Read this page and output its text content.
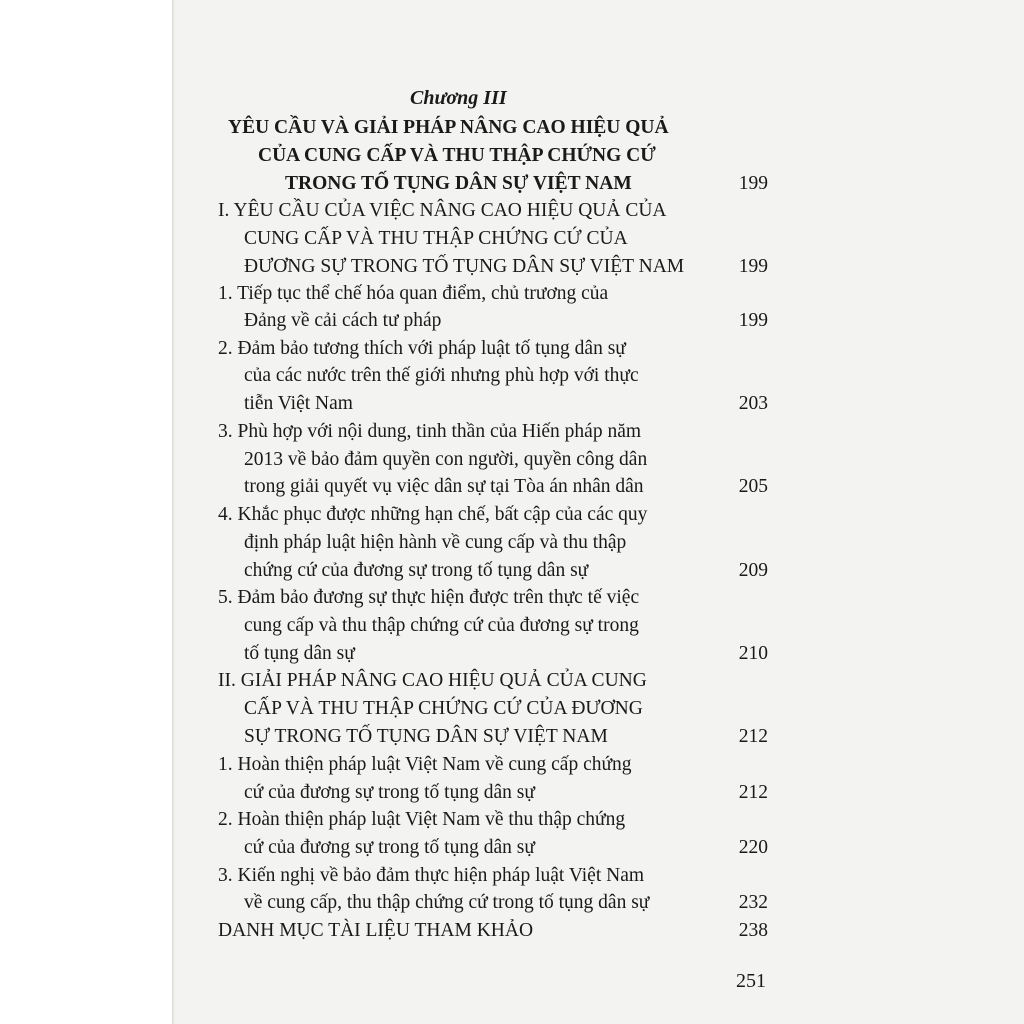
Chương III
YÊU CẦU VÀ GIẢI PHÁP NÂNG CAO HIỆU QUẢ
CỦA CUNG CẤP VÀ THU THẬP CHỨNG CỨ
TRONG TỐ TỤNG DÂN SỰ VIỆT NAM	199
I. YÊU CẦU CỦA VIỆC NÂNG CAO HIỆU QUẢ CỦA
CUNG CẤP VÀ THU THẬP CHỨNG CỨ CỦA
ĐƯƠNG SỰ TRONG TỐ TỤNG DÂN SỰ VIỆT NAM	199
1. Tiếp tục thể chế hóa quan điểm, chủ trương của
Đảng về cải cách tư pháp	199
2. Đảm bảo tương thích với pháp luật tố tụng dân sự
của các nước trên thế giới nhưng phù hợp với thực
tiễn Việt Nam	203
3. Phù hợp với nội dung, tinh thần của Hiến pháp năm
2013 về bảo đảm quyền con người, quyền công dân
trong giải quyết vụ việc dân sự tại Tòa án nhân dân	205
4. Khắc phục được những hạn chế, bất cập của các quy
định pháp luật hiện hành về cung cấp và thu thập
chứng cứ của đương sự trong tố tụng dân sự	209
5. Đảm bảo đương sự thực hiện được trên thực tế việc
cung cấp và thu thập chứng cứ của đương sự trong
tố tụng dân sự	210
II. GIẢI PHÁP NÂNG CAO HIỆU QUẢ CỦA CUNG
CẤP VÀ THU THẬP CHỨNG CỨ CỦA ĐƯƠNG
SỰ TRONG TỐ TỤNG DÂN SỰ VIỆT NAM	212
1. Hoàn thiện pháp luật Việt Nam về cung cấp chứng
cứ của đương sự trong tố tụng dân sự	212
2. Hoàn thiện pháp luật Việt Nam về thu thập chứng
cứ của đương sự trong tố tụng dân sự	220
3. Kiến nghị về bảo đảm thực hiện pháp luật Việt Nam
về cung cấp, thu thập chứng cứ trong tố tụng dân sự	232
DANH MỤC TÀI LIỆU THAM KHẢO	238
251
